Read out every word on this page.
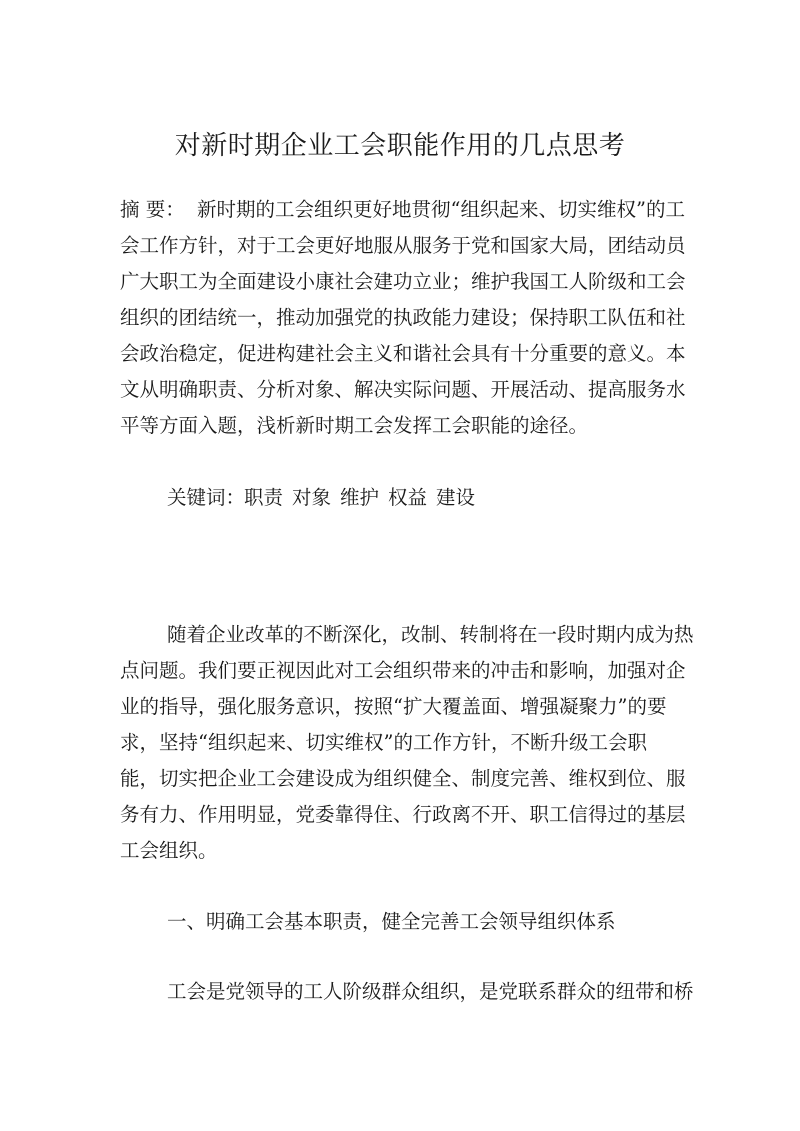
对新时期企业工会职能作用的几点思考
摘 要： 新时期的工会组织更好地贯彻“组织起来、切实维权”的工
会工作方针，对于工会更好地服从服务于党和国家大局，团结动员
广大职工为全面建设小康社会建功立业；维护我国工人阶级和工会
组织的团结统一，推动加强党的执政能力建设；保持职工队伍和社
会政治稳定，促进构建社会主义和谐社会具有十分重要的意义。本
文从明确职责、分析对象、解决实际问题、开展活动、提高服务水
平等方面入题，浅析新时期工会发挥工会职能的途径。
关键词：
职责 对象 维护 权益 建设
随着企业改革的不断深化，改制、转制将在一段时期内成为热
点问题。我们要正视因此对工会组织带来的冲击和影响，加强对企
业的指导，强化服务意识，按照“扩大覆盖面、增强凝聚力”的要
求，坚持“组织起来、切实维权”的工作方针，不断升级工会职
能，切实把企业工会建设成为组织健全、制度完善、维权到位、服
务有力、作用明显，党委靠得住、行政离不开、职工信得过的基层
工会组织。
一、明确工会基本职责，健全完善工会领导组织体系
工会是党领导的工人阶级群众组织，是党联系群众的纽带和桥
